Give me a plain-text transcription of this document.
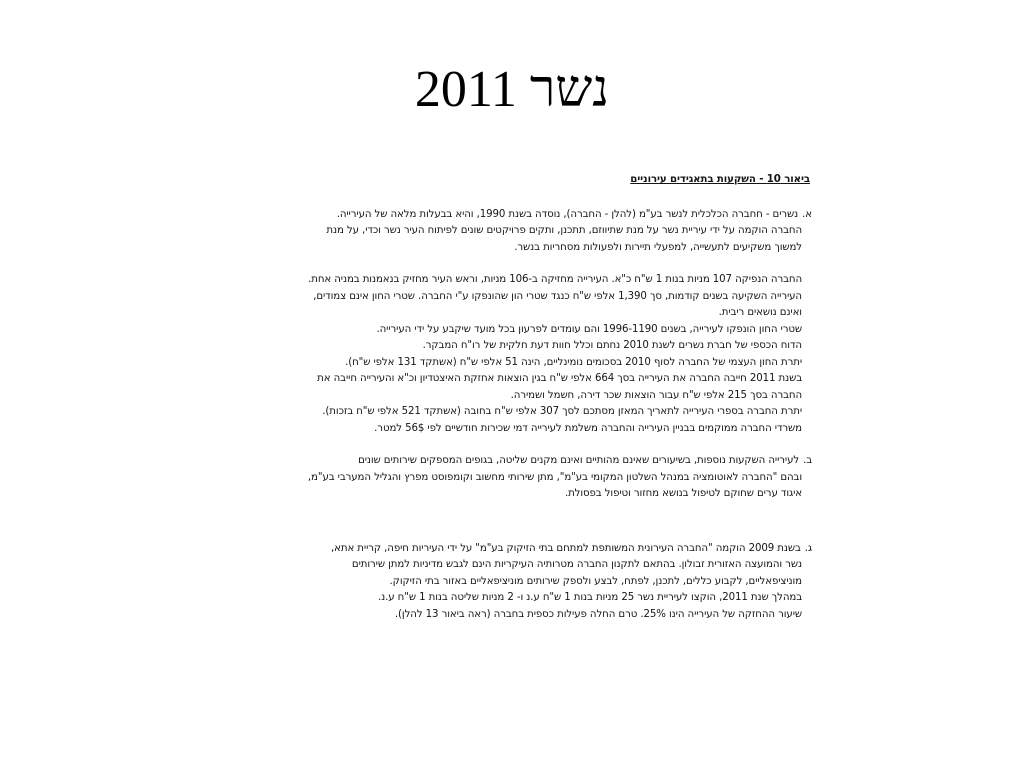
נשר 2011
ביאור 10 - השקעות בתאגידים עירוניים
א.נשרים - חחברה הכלכלית לנשר בע"מ (להלן - החברה), נוסדה בשנת 1990, והיא בבעלות מלאה של העירייה.
החברה הוקמה על ידי עיריית נשר על מנת שתיווזם, תתכנן, ותקים פרויקטים שונים לפיתוח העיר נשר וכדי, על מנת
למשוך משקיעים לתעשייה, למפעלי תיירות ולפעולות מסחריות בנשר.
החברה הנפיקה 107 מניות בנות 1 ש"ח כ"א. העירייה מחזיקה ב-106 מניות, וראש העיר מחזיק בנאמנות במניה אחת.
העירייה השקיעה בשנים קודמות, סך 1,390 אלפי ש"ח כנגד שטרי הון שהונפקו ע"י החברה. שטרי החון אינם צמודים,
ואינם נושאים ריבית.
שטרי החון הונפקו לעירייה, בשנים 1996-1190 והם עומדים לפרעון בכל מועד שיקבע על ידי העירייה.
הדוח הכספי של חברת נשרים לשנת 2010 נחתם וכלל חוות דעת חלקית של רו"ח המבקר.
יתרת החון העצמי של החברה לסוף 2010 בסכומים נומינליים, הינה 51 אלפי ש"ח (אשתקד 131 אלפי ש"ח).
בשנת 2011 חייבה החברה את העירייה בסך 664 אלפי ש"ח בגין הוצאות אחזקת האיצטדיון וכ"א והעירייה חייבה את
החברה בסך 215 אלפי ש"ח עבור הוצאות שכר דירה, חשמל ושמירה.
יתרת החברה בספרי העירייה לתאריך המאזן מסתכם לסך 307 אלפי ש"ח בחובה (אשתקד 521 אלפי ש"ח בזכות).
משרדי החברה ממוקמים בבניין העירייה והחברה משלמת לעירייה דמי שכירות חודשיים לפי 56$ למטר.
ב.לעירייה השקעות נוספות, בשיעורים שאינם מהותיים ואינם מקנים שליטה, בגופים המספקים שירותים שונים
ובהם "החברה לאוטומציה במנהל השלטון המקומי בע"מ", מתן שירותי מחשוב וקומפוסט מפרץ והגליל המערבי בע"מ,
איגוד ערים שחוקם לטיפול בנושא מחזור וטיפול בפסולת.
ג.בשנת 2009 הוקמה "החברה העירונית המשותפת למתחם בתי הזיקוק בע"מ" על ידי העיריות חיפה, קריית אתא,
נשר והמועצה האזורית זבולון. בהתאם לתקנון החברה מטרותיה העיקריות הינם לגבש מדיניות למתן שירותים
מוניציפאליים, לקבוע כללים, לתכנן, לפתח, לבצע ולספק שירותים מוניציפאליים באזור בתי הזיקוק.
במהלך שנת 2011, הוקצו לעיריית נשר 25 מניות בנות 1 ש"ח ע.נ ו- 2 מניות שליטה בנות 1 ש"ח ע.נ.
שיעור ההחזקה של העירייה הינו 25%. טרם החלה פעילות כספית בחברה (ראה ביאור 13 להלן).
